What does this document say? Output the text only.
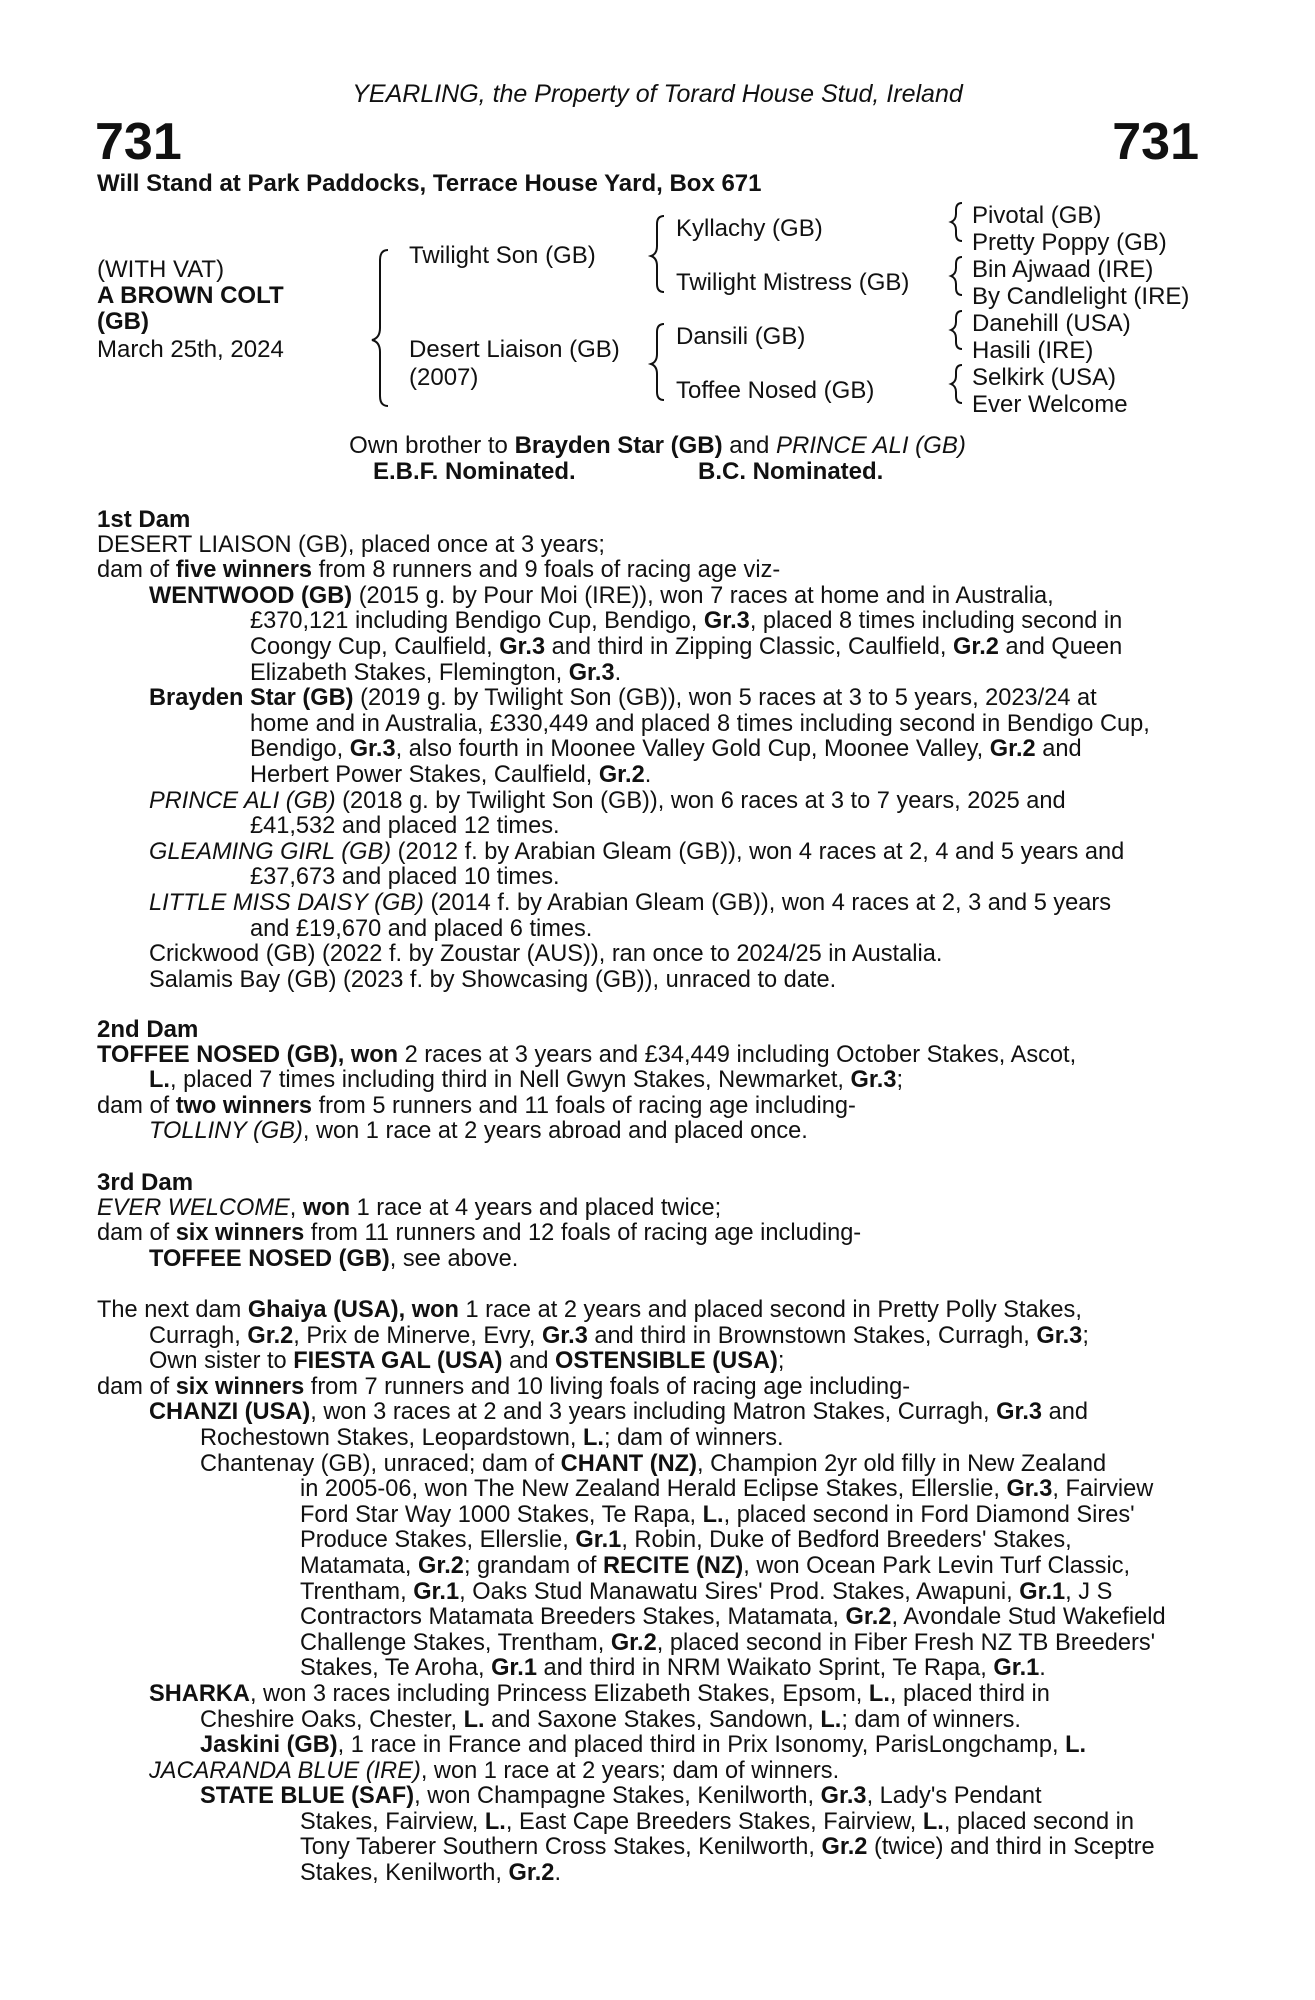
YEARLING, the Property of Torard House Stud, Ireland
731	731
Will Stand at Park Paddocks, Terrace House Yard, Box 671
(WITH VAT)
A BROWN COLT
(GB)
March 25th, 2024
Twilight Son (GB)
Desert Liaison (GB)
(2007)
Kyllachy (GB)
Twilight Mistress (GB)
Dansili (GB)
Toffee Nosed (GB)
Pivotal (GB)
Pretty Poppy (GB)
Bin Ajwaad (IRE)
By Candlelight (IRE)
Danehill (USA)
Hasili (IRE)
Selkirk (USA)
Ever Welcome
Own brother to Brayden Star (GB) and PRINCE ALI (GB)
E.B.F. Nominated.	B.C. Nominated.

1st Dam

DESERT LIAISON (GB), placed once at 3 years;

dam of five winners from 8 runners and 9 foals of racing age viz-

WENTWOOD (GB) (2015 g. by Pour Moi (IRE)), won 7 races at home and in Australia,

£370,121 including Bendigo Cup, Bendigo, Gr.3, placed 8 times including second in

Coongy Cup, Caulfield, Gr.3 and third in Zipping Classic, Caulfield, Gr.2 and Queen

Elizabeth Stakes, Flemington, Gr.3.

Brayden Star (GB) (2019 g. by Twilight Son (GB)), won 5 races at 3 to 5 years, 2023/24 at

home and in Australia, £330,449 and placed 8 times including second in Bendigo Cup,

Bendigo, Gr.3, also fourth in Moonee Valley Gold Cup, Moonee Valley, Gr.2 and

Herbert Power Stakes, Caulfield, Gr.2.

PRINCE ALI (GB) (2018 g. by Twilight Son (GB)), won 6 races at 3 to 7 years, 2025 and

£41,532 and placed 12 times.

GLEAMING GIRL (GB) (2012 f. by Arabian Gleam (GB)), won 4 races at 2, 4 and 5 years and

£37,673 and placed 10 times.

LITTLE MISS DAISY (GB) (2014 f. by Arabian Gleam (GB)), won 4 races at 2, 3 and 5 years

and £19,670 and placed 6 times.

Crickwood (GB) (2022 f. by Zoustar (AUS)), ran once to 2024/25 in Austalia.

Salamis Bay (GB) (2023 f. by Showcasing (GB)), unraced to date.

2nd Dam

TOFFEE NOSED (GB), won 2 races at 3 years and £34,449 including October Stakes, Ascot,

L., placed 7 times including third in Nell Gwyn Stakes, Newmarket, Gr.3;

dam of two winners from 5 runners and 11 foals of racing age including-

TOLLINY (GB), won 1 race at 2 years abroad and placed once.

3rd Dam

EVER WELCOME, won 1 race at 4 years and placed twice;

dam of six winners from 11 runners and 12 foals of racing age including-

TOFFEE NOSED (GB), see above.

The next dam Ghaiya (USA), won 1 race at 2 years and placed second in Pretty Polly Stakes,

Curragh, Gr.2, Prix de Minerve, Evry, Gr.3 and third in Brownstown Stakes, Curragh, Gr.3;

Own sister to FIESTA GAL (USA) and OSTENSIBLE (USA);

dam of six winners from 7 runners and 10 living foals of racing age including-

CHANZI (USA), won 3 races at 2 and 3 years including Matron Stakes, Curragh, Gr.3 and

Rochestown Stakes, Leopardstown, L.; dam of winners.

Chantenay (GB), unraced; dam of CHANT (NZ), Champion 2yr old filly in New Zealand

in 2005-06, won The New Zealand Herald Eclipse Stakes, Ellerslie, Gr.3, Fairview

Ford Star Way 1000 Stakes, Te Rapa, L., placed second in Ford Diamond Sires'

Produce Stakes, Ellerslie, Gr.1, Robin, Duke of Bedford Breeders' Stakes,

Matamata, Gr.2; grandam of RECITE (NZ), won Ocean Park Levin Turf Classic,

Trentham, Gr.1, Oaks Stud Manawatu Sires' Prod. Stakes, Awapuni, Gr.1, J S

Contractors Matamata Breeders Stakes, Matamata, Gr.2, Avondale Stud Wakefield

Challenge Stakes, Trentham, Gr.2, placed second in Fiber Fresh NZ TB Breeders'

Stakes, Te Aroha, Gr.1 and third in NRM Waikato Sprint, Te Rapa, Gr.1.

SHARKA, won 3 races including Princess Elizabeth Stakes, Epsom, L., placed third in

Cheshire Oaks, Chester, L. and Saxone Stakes, Sandown, L.; dam of winners.

Jaskini (GB), 1 race in France and placed third in Prix Isonomy, ParisLongchamp, L.

JACARANDA BLUE (IRE), won 1 race at 2 years; dam of winners.

STATE BLUE (SAF), won Champagne Stakes, Kenilworth, Gr.3, Lady's Pendant

Stakes, Fairview, L., East Cape Breeders Stakes, Fairview, L., placed second in

Tony Taberer Southern Cross Stakes, Kenilworth, Gr.2 (twice) and third in Sceptre

Stakes, Kenilworth, Gr.2.
